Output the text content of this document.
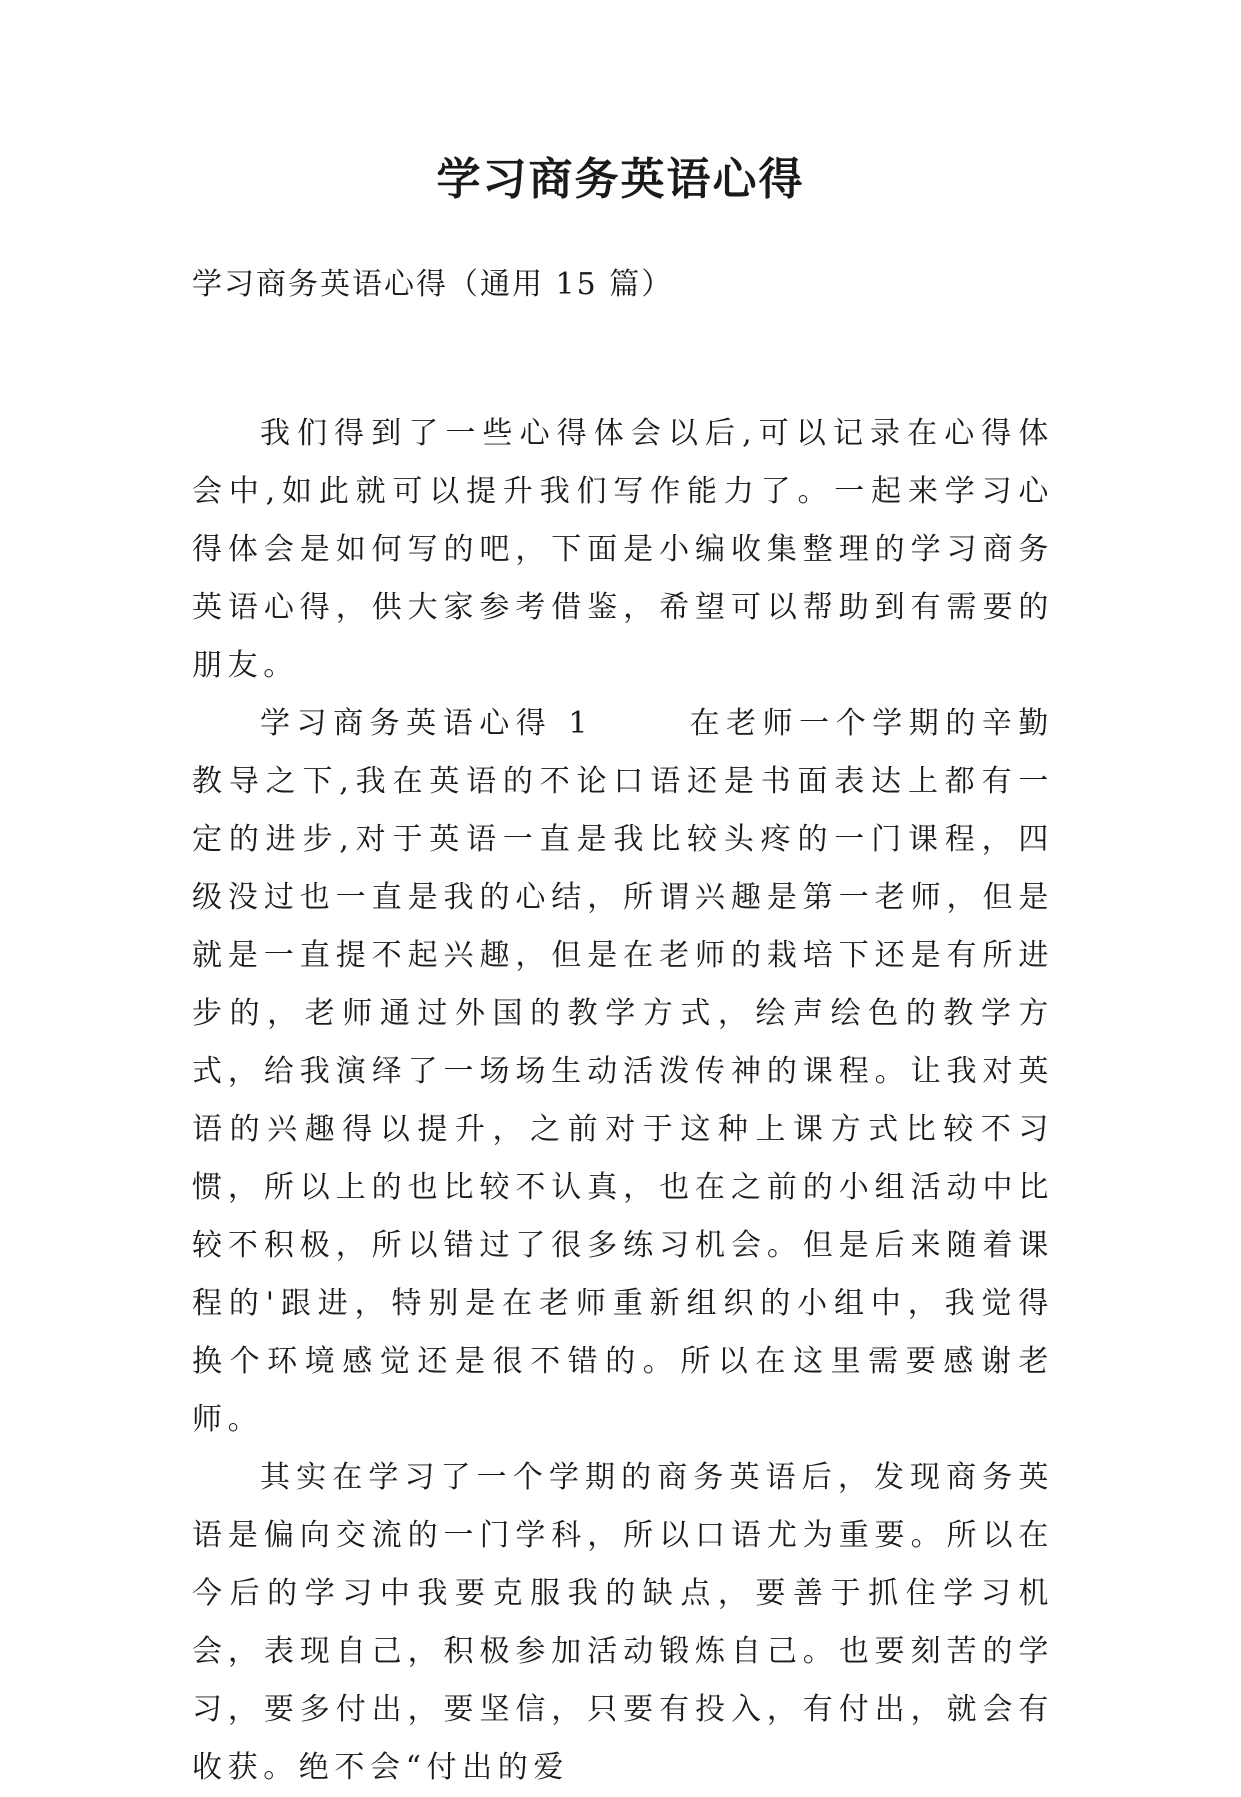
学习商务英语心得

学习商务英语心得（通用 15 篇）

我们得到了一些心得体会以后,可以记录在心得体会中,如此就可以提升我们写作能力了。一起来学习心得体会是如何写的吧，下面是小编收集整理的学习商务英语心得，供大家参考借鉴，希望可以帮助到有需要的朋友。

学习商务英语心得 1	在老师一个学期的辛勤教导之下,我在英语的不论口语还是书面表达上都有一定的进步,对于英语一直是我比较头疼的一门课程，四级没过也一直是我的心结，所谓兴趣是第一老师，但是就是一直提不起兴趣，但是在老师的栽培下还是有所进步的，老师通过外国的教学方式，绘声绘色的教学方式，给我演绎了一场场生动活泼传神的课程。让我对英语的兴趣得以提升，之前对于这种上课方式比较不习惯，所以上的也比较不认真，也在之前的小组活动中比较不积极，所以错过了很多练习机会。但是后来随着课程的'跟进，特别是在老师重新组织的小组中，我觉得换个环境感觉还是很不错的。所以在这里需要感谢老师。

其实在学习了一个学期的商务英语后，发现商务英语是偏向交流的一门学科，所以口语尤为重要。所以在今后的学习中我要克服我的缺点，要善于抓住学习机会，表现自己，积极参加活动锻炼自己。也要刻苦的学习，要多付出，要坚信，只要有投入，有付出，就会有收获。绝不会“付出的爱
